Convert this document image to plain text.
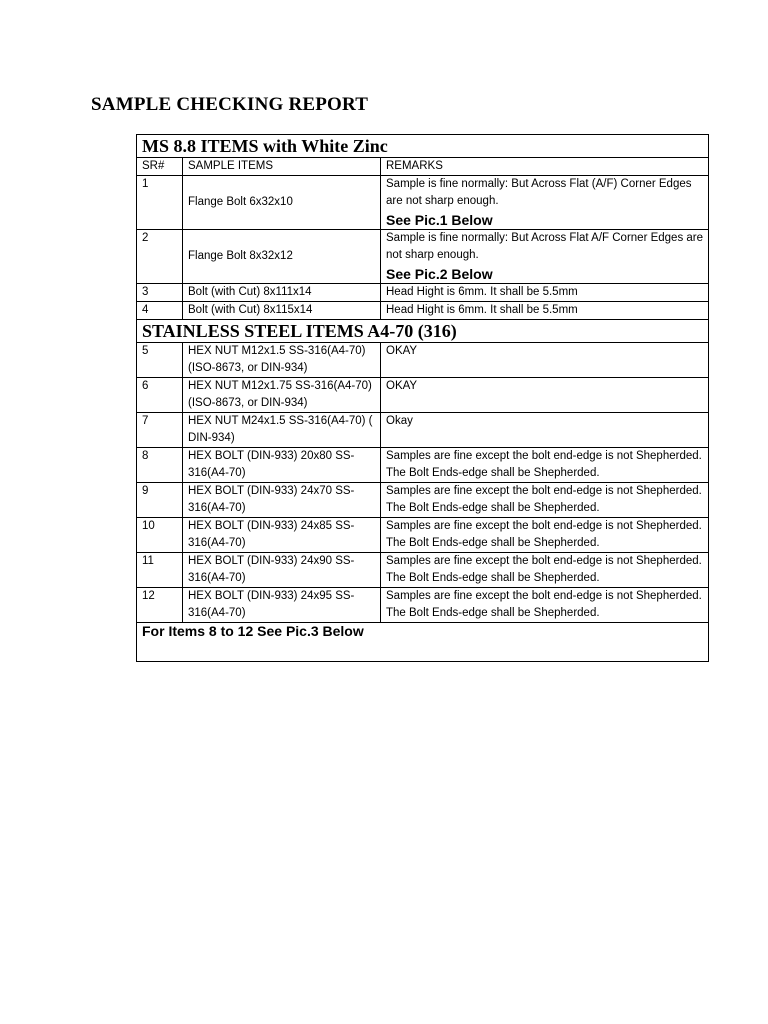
SAMPLE CHECKING REPORT
MS 8.8 ITEMS with White Zinc		
SR#	SAMPLE ITEMS	REMARKS
1	Flange Bolt 6x32x10	Sample is fine normally: But Across Flat (A/F) Corner Edges are not sharp enough.
See Pic.1 Below

2	Flange Bolt 8x32x12	Sample is fine normally: But Across Flat A/F Corner Edges are not sharp enough.
See Pic.2 Below

3	Bolt (with Cut) 8x111x14	Head Hight is 6mm. It shall be 5.5mm
4	Bolt (with Cut) 8x115x14	Head Hight is 6mm. It shall be 5.5mm
STAINLESS STEEL ITEMS A4-70 (316)		
5	HEX NUT M12x1.5 SS-316(A4-70) (ISO-8673, or DIN-934)	OKAY
6	HEX NUT M12x1.75 SS-316(A4-70) (ISO-8673, or DIN-934)	OKAY
7	HEX NUT M24x1.5 SS-316(A4-70) ( DIN-934)	Okay
8	HEX BOLT (DIN-933) 20x80 SS-316(A4-70)	Samples are fine except the bolt end-edge is not Shepherded. The Bolt Ends-edge shall be Shepherded.
9	HEX BOLT (DIN-933) 24x70 SS-316(A4-70)	Samples are fine except the bolt end-edge is not Shepherded. The Bolt Ends-edge shall be Shepherded.
10	HEX BOLT (DIN-933) 24x85 SS-316(A4-70)	Samples are fine except the bolt end-edge is not Shepherded. The Bolt Ends-edge shall be Shepherded.
11	HEX BOLT (DIN-933) 24x90 SS-316(A4-70)	Samples are fine except the bolt end-edge is not Shepherded. The Bolt Ends-edge shall be Shepherded.
12	HEX BOLT (DIN-933) 24x95 SS-316(A4-70)	Samples are fine except the bolt end-edge is not Shepherded. The Bolt Ends-edge shall be Shepherded.
For Items 8 to 12 See Pic.3 Below		
